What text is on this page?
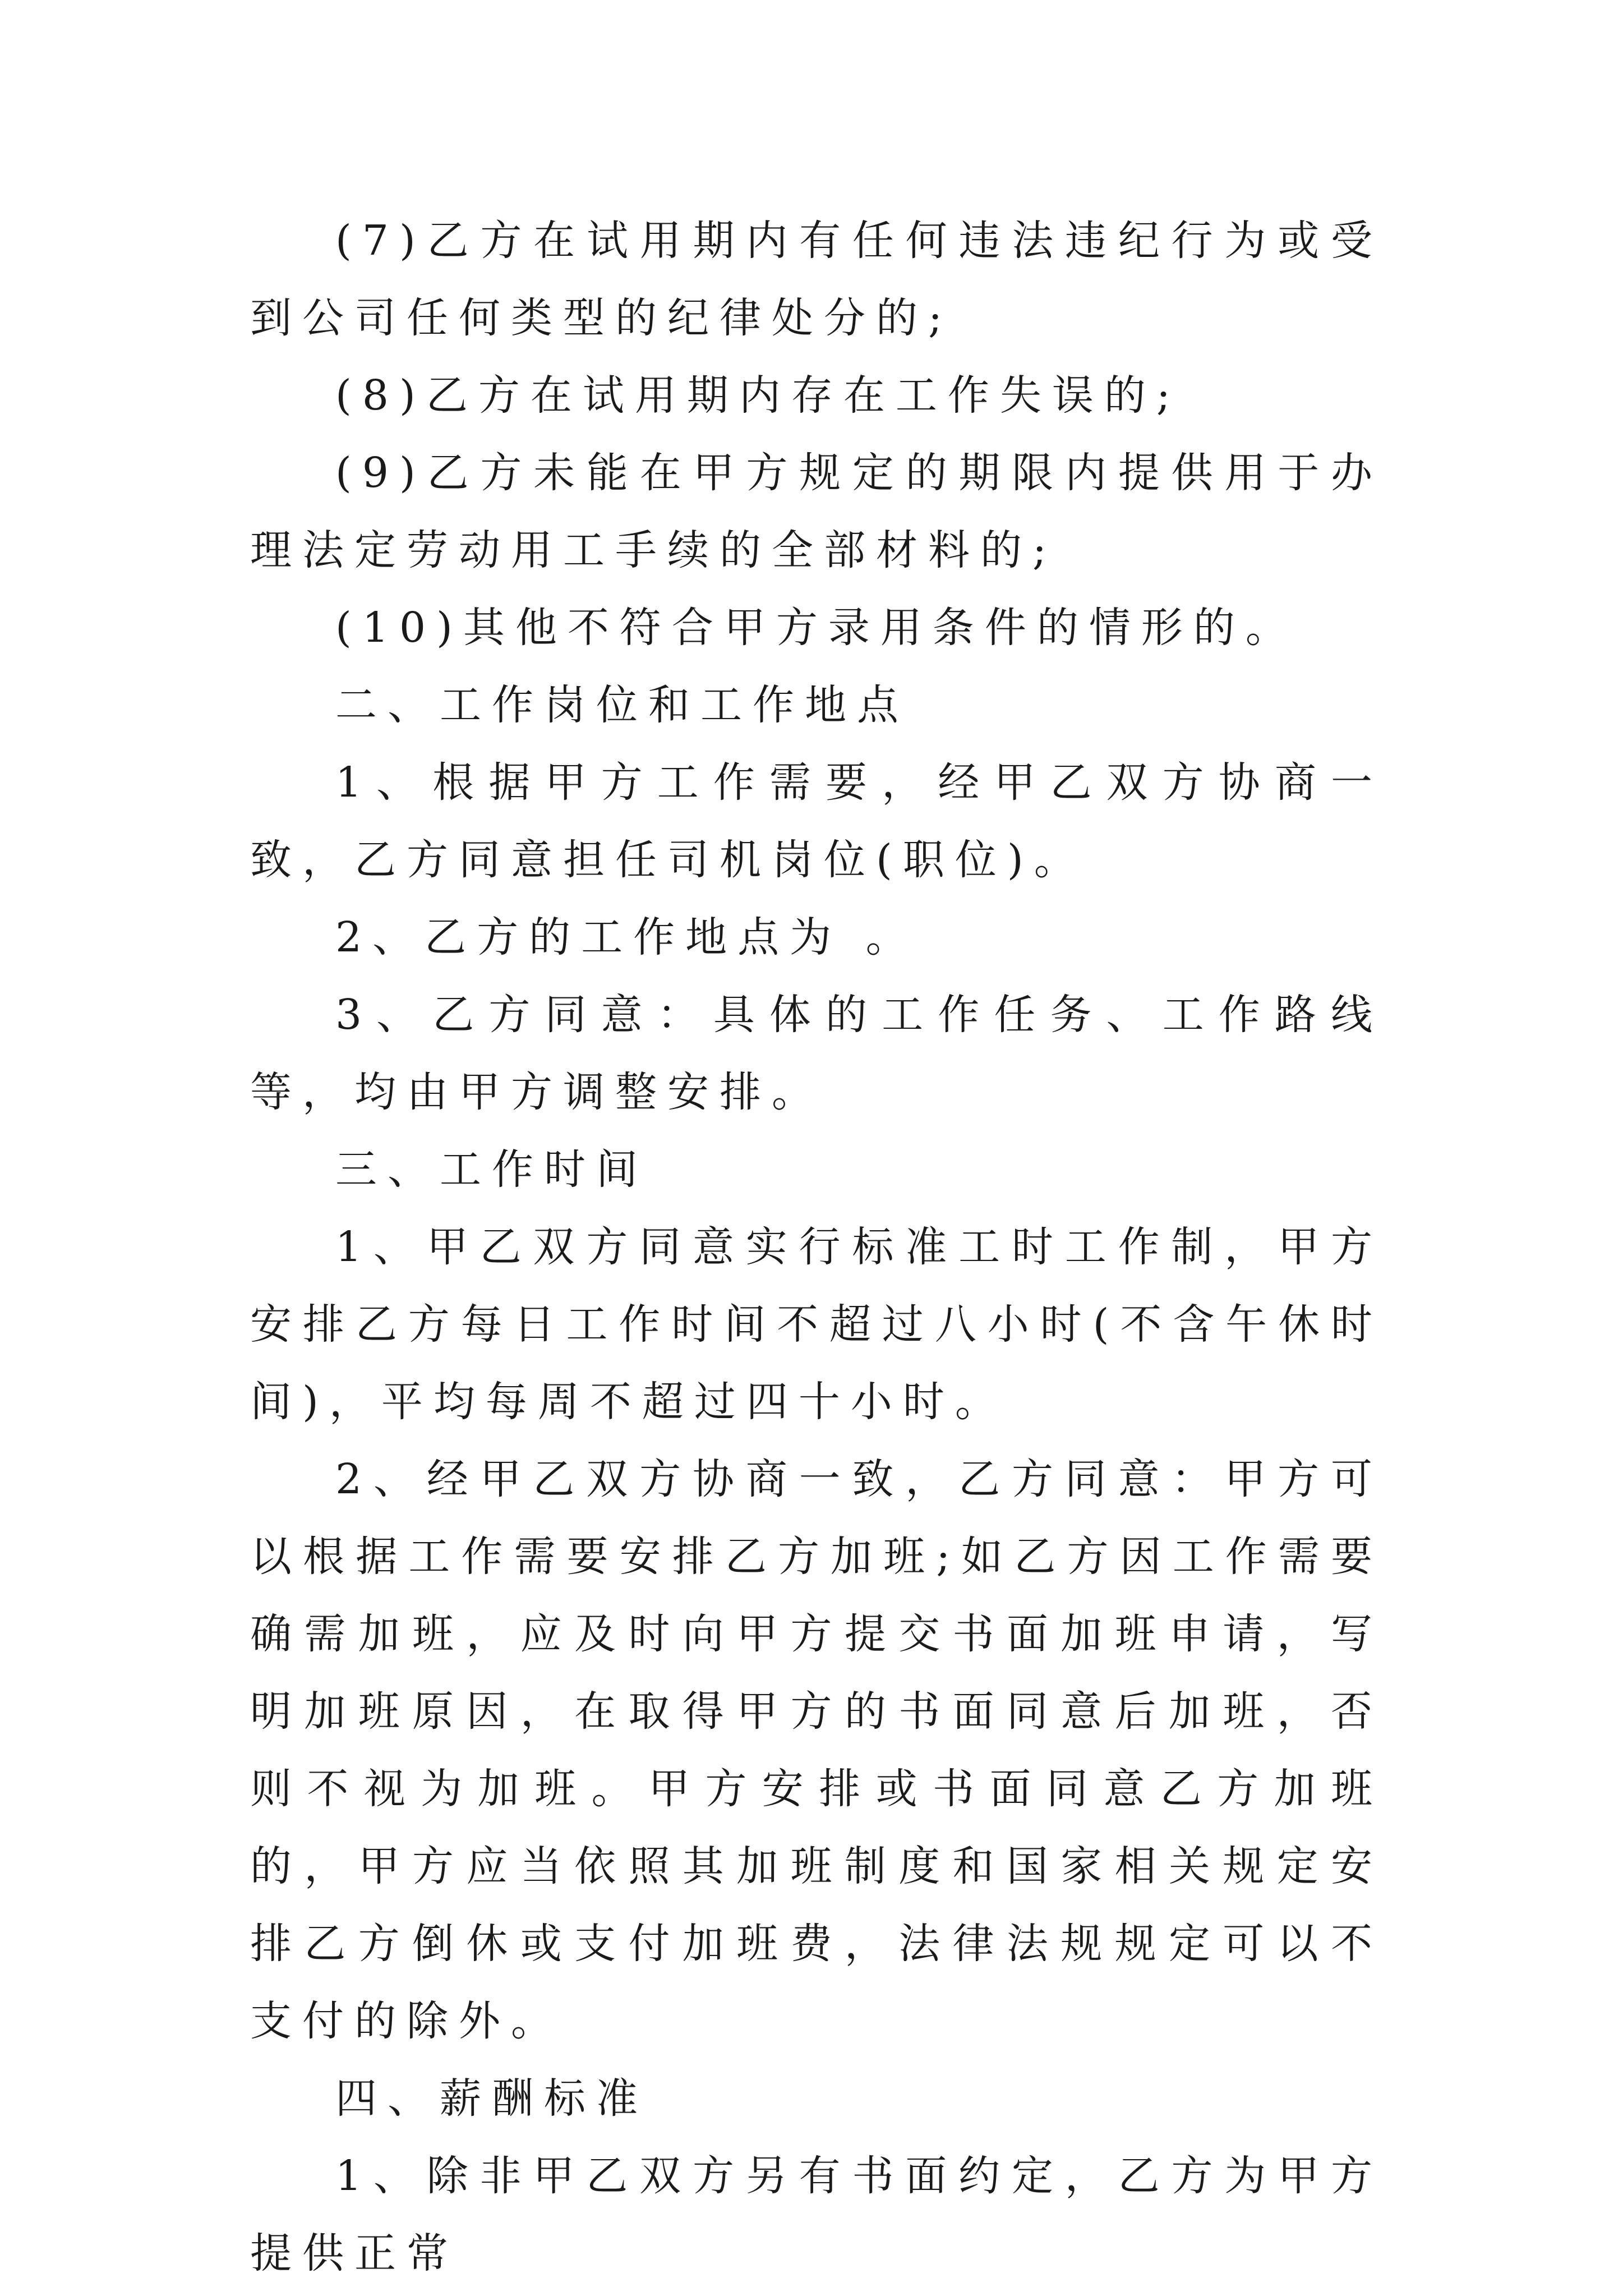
(7)乙方在试用期内有任何违法违纪行为或受到公司任何类型的纪律处分的;

(8)乙方在试用期内存在工作失误的;

(9)乙方未能在甲方规定的期限内提供用于办理法定劳动用工手续的全部材料的;

(10)其他不符合甲方录用条件的情形的。

二、工作岗位和工作地点

1、根据甲方工作需要，经甲乙双方协商一致，乙方同意担任司机岗位(职位)。

2、乙方的工作地点为 。

3、乙方同意：具体的工作任务、工作路线等，均由甲方调整安排。

三、工作时间

1、甲乙双方同意实行标准工时工作制，甲方安排乙方每日工作时间不超过八小时(不含午休时间)，平均每周不超过四十小时。

2、经甲乙双方协商一致，乙方同意：甲方可以根据工作需要安排乙方加班;如乙方因工作需要确需加班，应及时向甲方提交书面加班申请，写明加班原因，在取得甲方的书面同意后加班，否则不视为加班。甲方安排或书面同意乙方加班的，甲方应当依照其加班制度和国家相关规定安排乙方倒休或支付加班费，法律法规规定可以不支付的除外。

四、薪酬标准

1、除非甲乙双方另有书面约定，乙方为甲方提供正常
